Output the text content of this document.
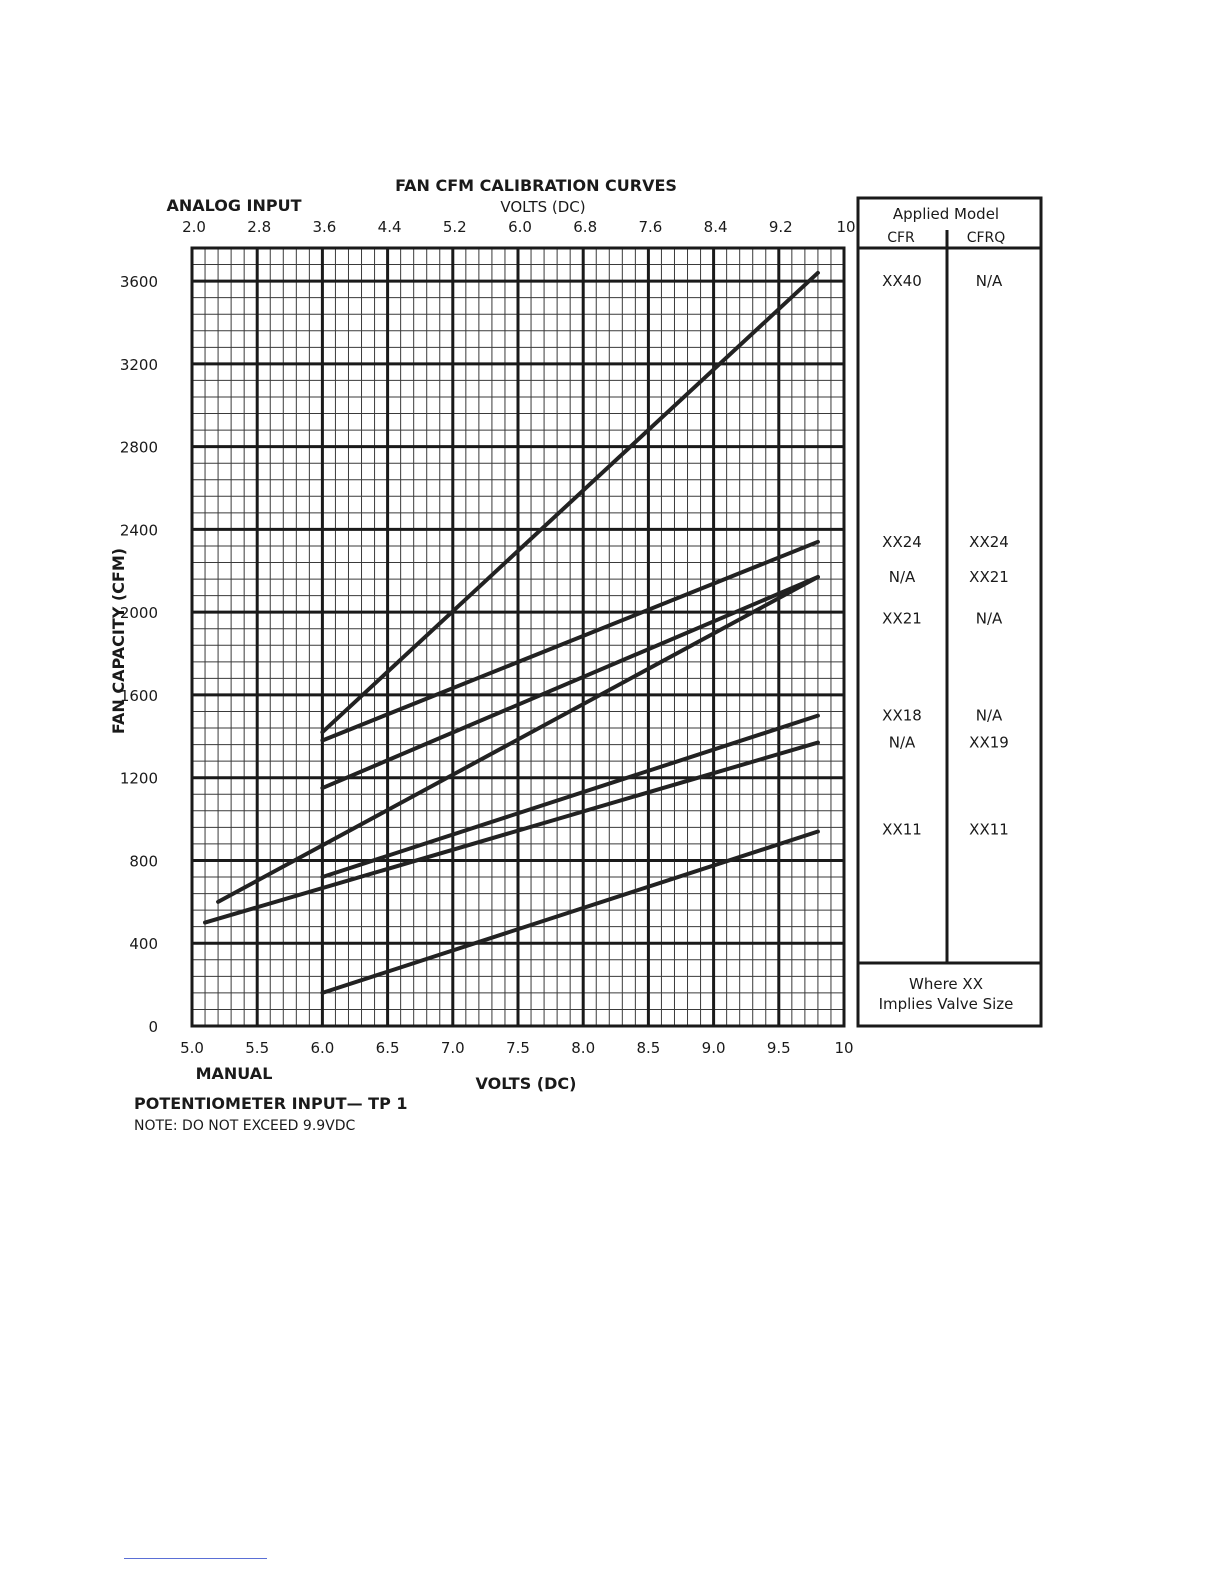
Applied Model
CFR	CFRQ
XX40	N/A
XX24	XX24
N/A	XX21
XX21	N/A
XX18	N/A
N/A	XX19
XX11	XX11
Where XX
Implies Valve Size
FAN CFM CALIBRATION CURVES
ANALOG INPUT	VOLTS (DC)
VOLTS (DC)
MANUAL
FAN CAPACITY (CFM)
POTENTIOMETER INPUT— TP 1
NOTE: DO NOT EXCEED 9.9VDC
5.0	5.5	6.0	6.5	7.0	7.5	8.0	8.5	9.0	9.5	10
2.0	2.8	3.6	4.4	5.2	6.0	6.8	7.6	8.4	9.2	10
0
400
800
1200
1600
2000
2400
2800
3200
3600
